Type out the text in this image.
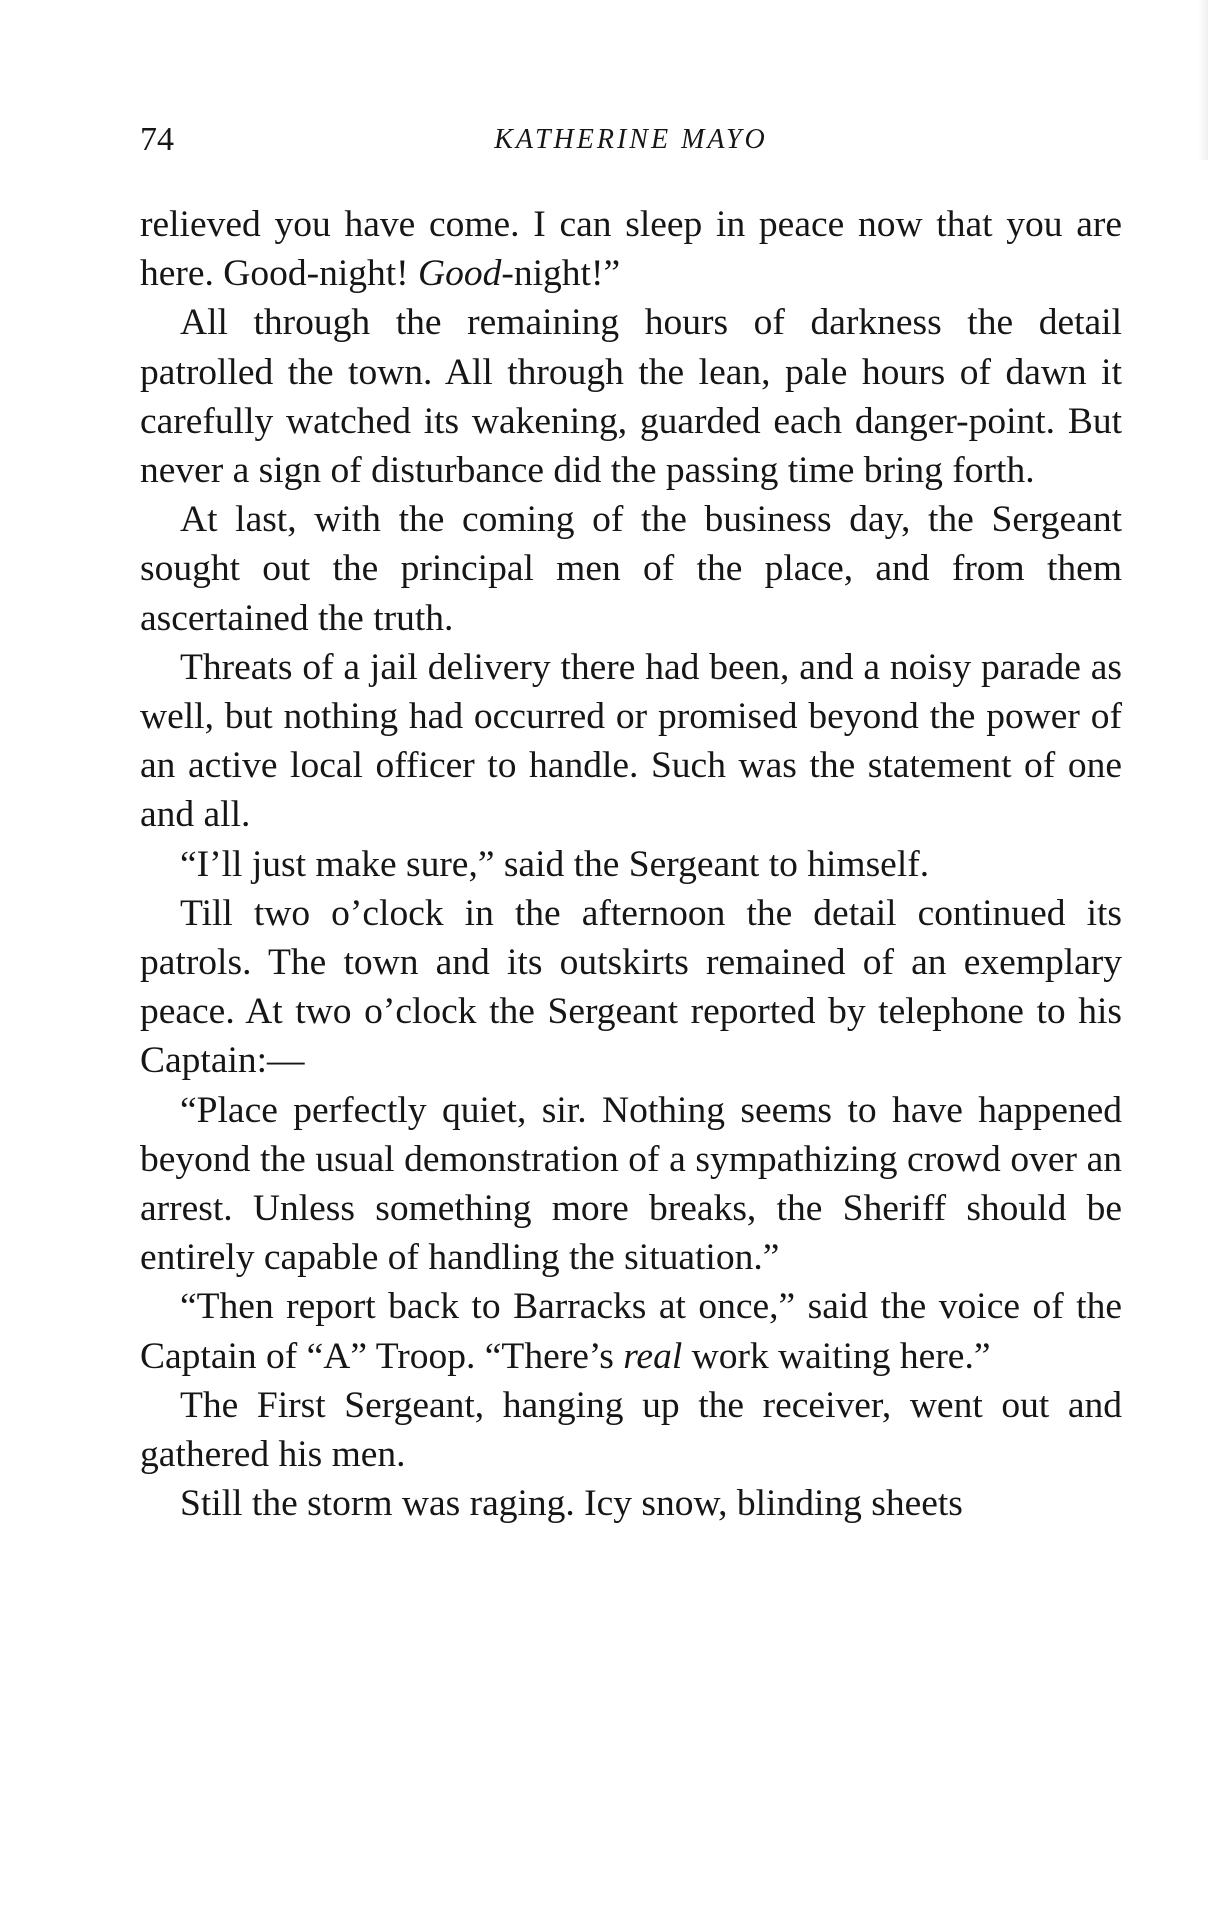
74	KATHERINE MAYO

relieved you have come. I can sleep in peace now that you are here. Good-night! Good-night!”

All through the remaining hours of darkness the detail patrolled the town. All through the lean, pale hours of dawn it carefully watched its wakening, guarded each danger-point. But never a sign of disturbance did the passing time bring forth.

At last, with the coming of the business day, the Sergeant sought out the principal men of the place, and from them ascertained the truth.

Threats of a jail delivery there had been, and a noisy parade as well, but nothing had occurred or promised beyond the power of an active local officer to handle. Such was the statement of one and all.

“I’ll just make sure,” said the Sergeant to himself.

Till two o’clock in the afternoon the detail continued its patrols. The town and its outskirts remained of an exemplary peace. At two o’clock the Sergeant reported by telephone to his Captain:—

“Place perfectly quiet, sir. Nothing seems to have happened beyond the usual demonstration of a sympathizing crowd over an arrest. Unless something more breaks, the Sheriff should be entirely capable of handling the situation.”

“Then report back to Barracks at once,” said the voice of the Captain of “A” Troop. “There’s real work waiting here.”

The First Sergeant, hanging up the receiver, went out and gathered his men.

Still the storm was raging. Icy snow, blinding sheets
